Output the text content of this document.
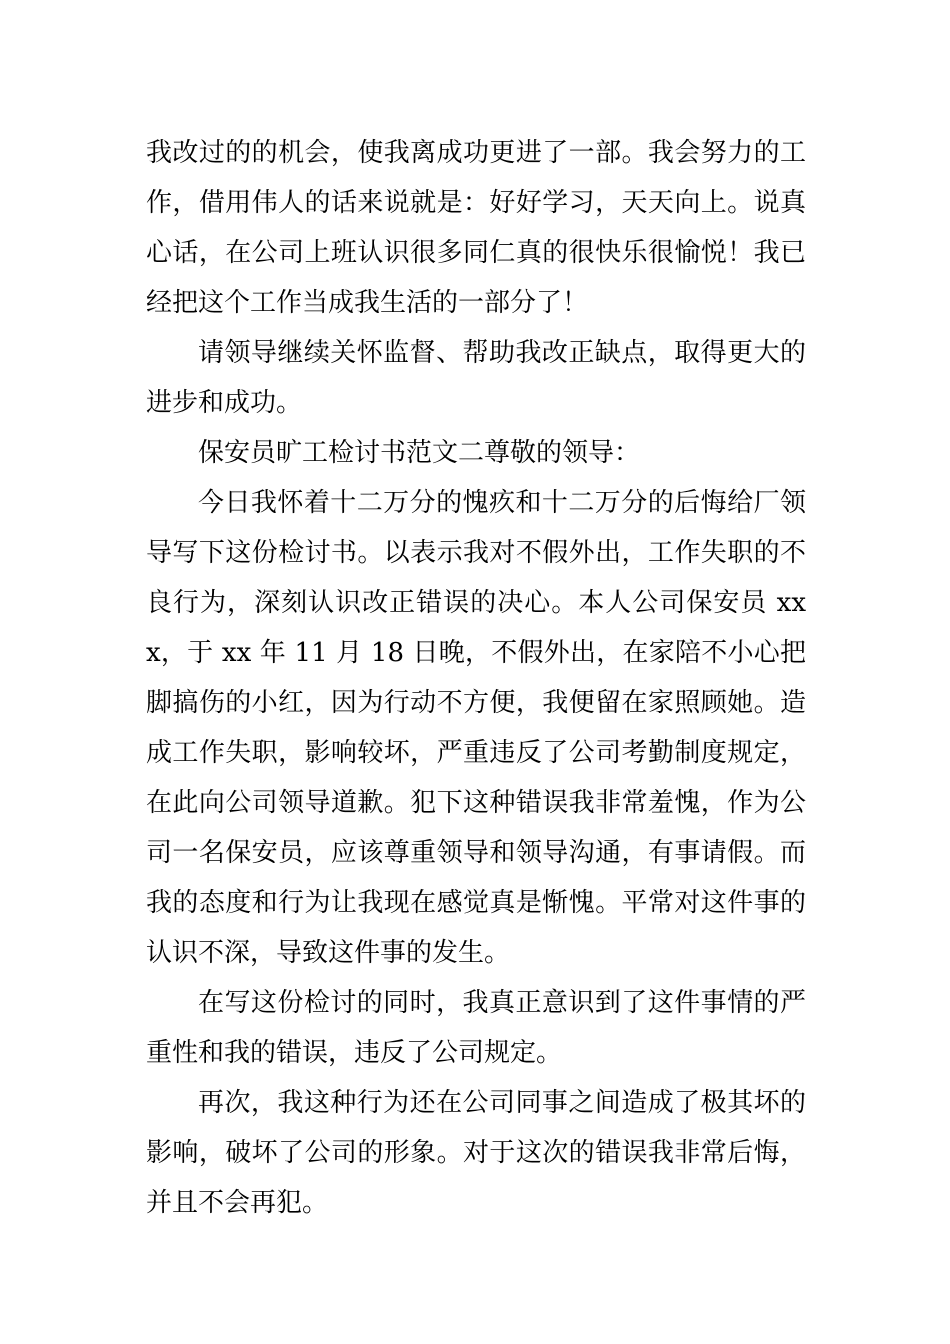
我改过的的机会，使我离成功更进了一部。我会努力的工作，借用伟人的话来说就是：好好学习，天天向上。说真心话，在公司上班认识很多同仁真的很快乐很愉悦！我已经把这个工作当成我生活的一部分了！

请领导继续关怀监督、帮助我改正缺点，取得更大的进步和成功。

保安员旷工检讨书范文二尊敬的领导：

今日我怀着十二万分的愧疚和十二万分的后悔给厂领导写下这份检讨书。以表示我对不假外出，工作失职的不良行为，深刻认识改正错误的决心。本人公司保安员 xxx，于 xx 年 11 月 18 日晚，不假外出，在家陪不小心把脚搞伤的小红，因为行动不方便，我便留在家照顾她。造成工作失职，影响较坏，严重违反了公司考勤制度规定，在此向公司领导道歉。犯下这种错误我非常羞愧，作为公司一名保安员，应该尊重领导和领导沟通，有事请假。而我的态度和行为让我现在感觉真是惭愧。平常对这件事的认识不深，导致这件事的发生。

在写这份检讨的同时，我真正意识到了这件事情的严重性和我的错误，违反了公司规定。

再次，我这种行为还在公司同事之间造成了极其坏的影响，破坏了公司的形象。对于这次的错误我非常后悔，并且不会再犯。
